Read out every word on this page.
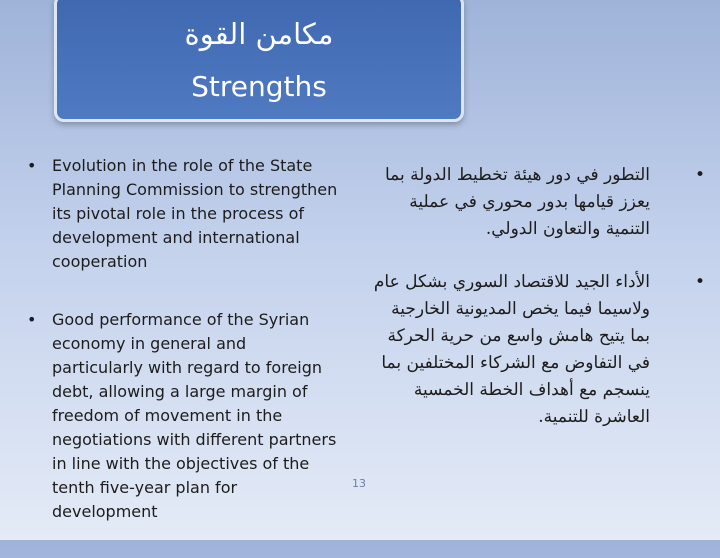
مكامن القوة
Strengths
• Evolution in the role of the State Planning Commission to strengthen its pivotal role in the process of development and international cooperation
• Good performance of the Syrian economy in general and particularly with regard to foreign debt, allowing a large margin of freedom of movement in the negotiations with different partners in line with the objectives of the tenth five-year plan for development
•
التطور في دور هيئة تخطيط الدولة بما يعزز قيامها بدور محوري في عملية التنمية والتعاون الدولي.
•
الأداء الجيد للاقتصاد السوري بشكل عام ولاسيما فيما يخص المديونية الخارجية بما يتيح هامش واسع من حرية الحركة في التفاوض مع الشركاء المختلفين بما ينسجم مع أهداف الخطة الخمسية العاشرة للتنمية.
13
